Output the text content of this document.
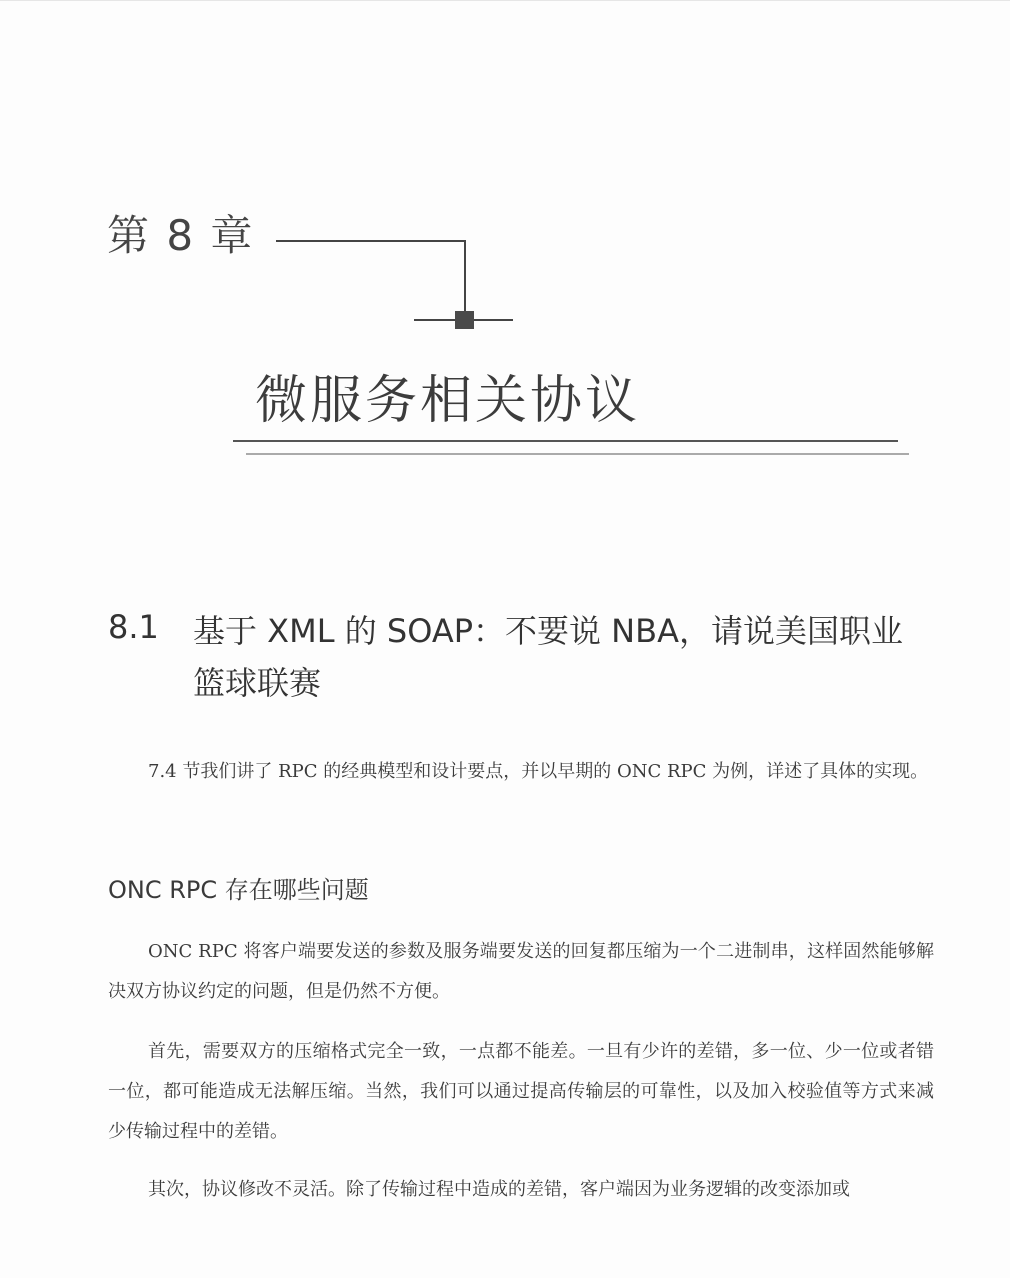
第 8 章
微服务相关协议
8.1 基于 XML 的 SOAP：不要说 NBA，请说美国职业篮球联赛

7.4 节我们讲了 RPC 的经典模型和设计要点，并以早期的 ONC RPC 为例，详述了具体的实现。

ONC RPC 存在哪些问题

ONC RPC 将客户端要发送的参数及服务端要发送的回复都压缩为一个二进制串，这样固然能够解决双方协议约定的问题，但是仍然不方便。

首先，需要双方的压缩格式完全一致，一点都不能差。一旦有少许的差错，多一位、少一位或者错一位，都可能造成无法解压缩。当然，我们可以通过提高传输层的可靠性，以及加入校验值等方式来减少传输过程中的差错。

其次，协议修改不灵活。除了传输过程中造成的差错，客户端因为业务逻辑的改变添加或
